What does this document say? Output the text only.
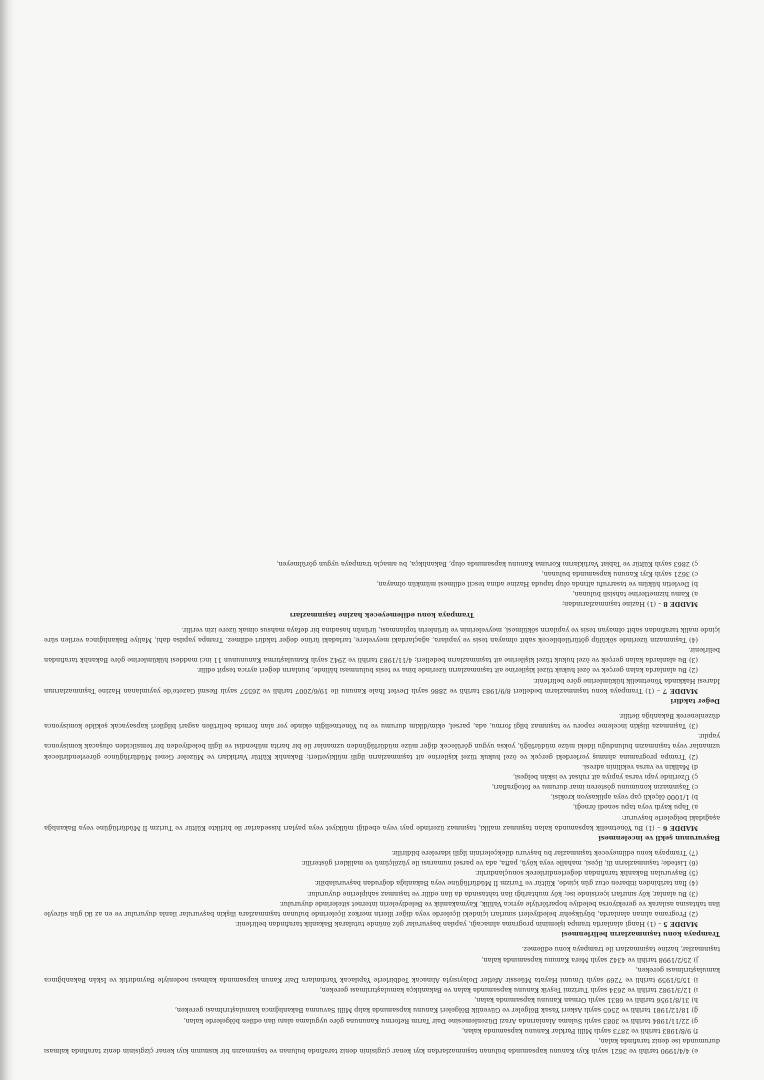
e) 4/4/1990 tarihli ve 3621 sayılı Kıyı Kanunu kapsamında bulunan taşınmazlardan kıyı kenar çizgisinin deniz tarafında bulunan ve taşınmazın bir kısmının kıyı kenar çizgisinin deniz tarafında kalması durumunda ise deniz tarafında kalan,

f) 9/8/1983 tarihli ve 2873 sayılı Milli Parklar Kanunu kapsamında kalan,

g) 22/11/1984 tarihli ve 3083 sayılı Sulama Alanlarında Arazi Düzenlemesine Dair Tarım Reformu Kanununa göre uygulama alanı ilan edilen bölgelerde kalan,

ğ) 18/12/1981 tarihli ve 2565 sayılı Askeri Yasak Bölgeler ve Güvenlik Bölgeleri Kanunu kapsamında kalıp Milli Savunma Bakanlığınca kamulaştırılması gereken,

h) 31/8/1956 tarihli ve 6831 sayılı Orman Kanunu kapsamında kalan,

ı) 12/3/1982 tarihli ve 2634 sayılı Turizmi Teşvik Kanunu kapsamında kalan ve Bakanlıkça kamulaştırılması gereken,

i) 15/5/1959 tarihli ve 7269 sayılı Umumi Hayata Müessir Afetler Dolayısıyla Alınacak Tedbirlerle Yapılacak Yardımlara Dair Kanun kapsamında kalması nedeniyle Bayındırlık ve İskân Bakanlığınca kamulaştırılması gereken,

j) 25/2/1998 tarihli ve 4342 sayılı Mera Kanunu kapsamında kalan,

taşınmazlar, hazine taşınmazları ile trampaya konu edilemez.

Trampaya konu taşınmazların belirlenmesi

MADDE 5 – (1) Hangi alanlarda trampa işleminin programa alınacağı, yapılan başvurular göz önünde tutularak Bakanlık tarafından belirlenir.

(2) Programa alınan alanlarda, büyükşehir belediyeleri sınırları içindeki ilçelerde veya diğer illerin merkez ilçelerinde bulunan taşınmazlara ilişkin başvurular ilanla duyurulur ve en az iki gün süreyle ilan tahtasına asılarak ve gerekiyorsa belediye hoparlörüyle ayrıca Valilik, Kaymakamlık ve Belediyelerin internet sitelerinde duyurulur.

(3) Bu alanlar, köy sınırları içerisinde ise; köy muhtarlığı ilan tahtasında da ilan edilir ve taşınmaz sahiplerine duyurulur.

(4) İlan tarihinden itibaren otuz gün içinde, Kültür ve Turizm İl Müdürlüğüne veya Bakanlığa doğrudan başvurulabilir.

(5) Başvurulan Bakanlık tarafından değerlendirilerek sonuçlandırılır.

(6) Listede; taşınmazların ili, ilçesi, mahalle veya köyü, pafta, ada ve parsel numarası ile yüzölçümü ve malikleri gösterilir.

(7) Trampaya konu edilmeyecek taşınmazlar bu başvuru dilekçelerinin ilgili idarelere bildirilir.

Başvurunun şekli ve incelenmesi

MADDE 6 – (1) Bu Yönetmelik kapsamında kalan taşınmaz maliki, taşınmaz üzerinde payı veya ebediği mülkiyet veya payları hissedarlar ile birlikte Kültür ve Turizm İl Müdürlüğüne veya Bakanlığa aşağıdaki belgelerle başvurur:

a) Tapu kaydı veya tapu senedi örneği,

b) 1/1000 ölçekli çap veya aplikasyon krokisi,

c) Taşınmazın konumunu gösteren imar durumu ve fotoğrafları,

ç) Üzerinde yapı varsa yapıya ait ruhsat ve iskân belgesi,

d) Malikin ve varsa vekilinin adresi.

(2) Trampa programına alınmış yerlerdeki gerçek ve özel hukuk tüzel kişilerine ait taşınmazların ilgili mülkiyetleri; Bakanlık Kültür Varlıkları ve Müzeler Genel Müdürlüğünce görevlendirilecek uzmanlar veya taşınmazın bulunduğu ildeki müze müdürlüğü, yoksa uygun görülecek diğer müze müdürlüğünden uzmanlar ile bir harita mühendisi ve ilgili belediyeden bir temsilciden oluşacak komisyonca yapılır.

(3) Taşınmaza ilişkin inceleme raporu ve taşınmaz bilgi formu, ada, parsel, ekim/dikim durumu ve bu Yönetmeliğin ekinde yer alan formda belirtilen asgari bilgileri kapsayacak şekilde komisyonca düzenlenerek Bakanlığa iletilir.

Değer takdiri

MADDE 7 – (1) Trampaya konu taşınmazların bedelleri 8/9/1983 tarihli ve 2886 sayılı Devlet İhale Kanunu ile 19/6/2007 tarihli ve 26557 sayılı Resmî Gazete'de yayımlanan Hazine Taşınmazlarının İdaresi Hakkında Yönetmelik hükümlerine göre belirlenir.

(2) Bu alanlarda kalan gerçek ve özel hukuk tüzel kişilerine ait taşınmazların üzerinde bina ve tesis bulunması hâlinde, bunların değeri ayrıca tespit edilir.

(3) Bu alanlarda kalan gerçek ve özel hukuk tüzel kişilerine ait taşınmazların bedelleri; 4/11/1983 tarihli ve 2942 sayılı Kamulaştırma Kanununun 11 inci maddesi hükümlerine göre Bakanlık tarafından belirlenir.

(4) Taşınmazın üzerinde sökülüp götürülebilecek sabit olmayan tesis ve yapılara, ağaçlardaki meyvelere, tarladaki ürüne değer takdiri edilmez. Trampa yapılsa dahi, Maliye Bakanlığınca verilen süre içinde malik tarafından sabit olmayan tesis ve yapıların sökülmesi, meyvelerinin ve ürünlerin toplanması, ürünün hasadına bir defaya mahsus olmak üzere izin verilir.

Trampaya konu edilemeyecek hazine taşınmazları

MADDE 8 – (1) Hazine taşınmazlarından;

a) Kamu hizmetlerine tahsisli bulunan,

b) Devletin hüküm ve tasarrufu altında olup tapuda Hazine adına tescil edilmesi mümkün olmayan,

c) 3621 sayılı Kıyı Kanunu kapsamında bulunan,

ç) 2863 sayılı Kültür ve Tabiat Varlıklarını Koruma Kanunu kapsamında olup, Bakanlıkça, bu amaçla trampaya uygun görülmeyen,
